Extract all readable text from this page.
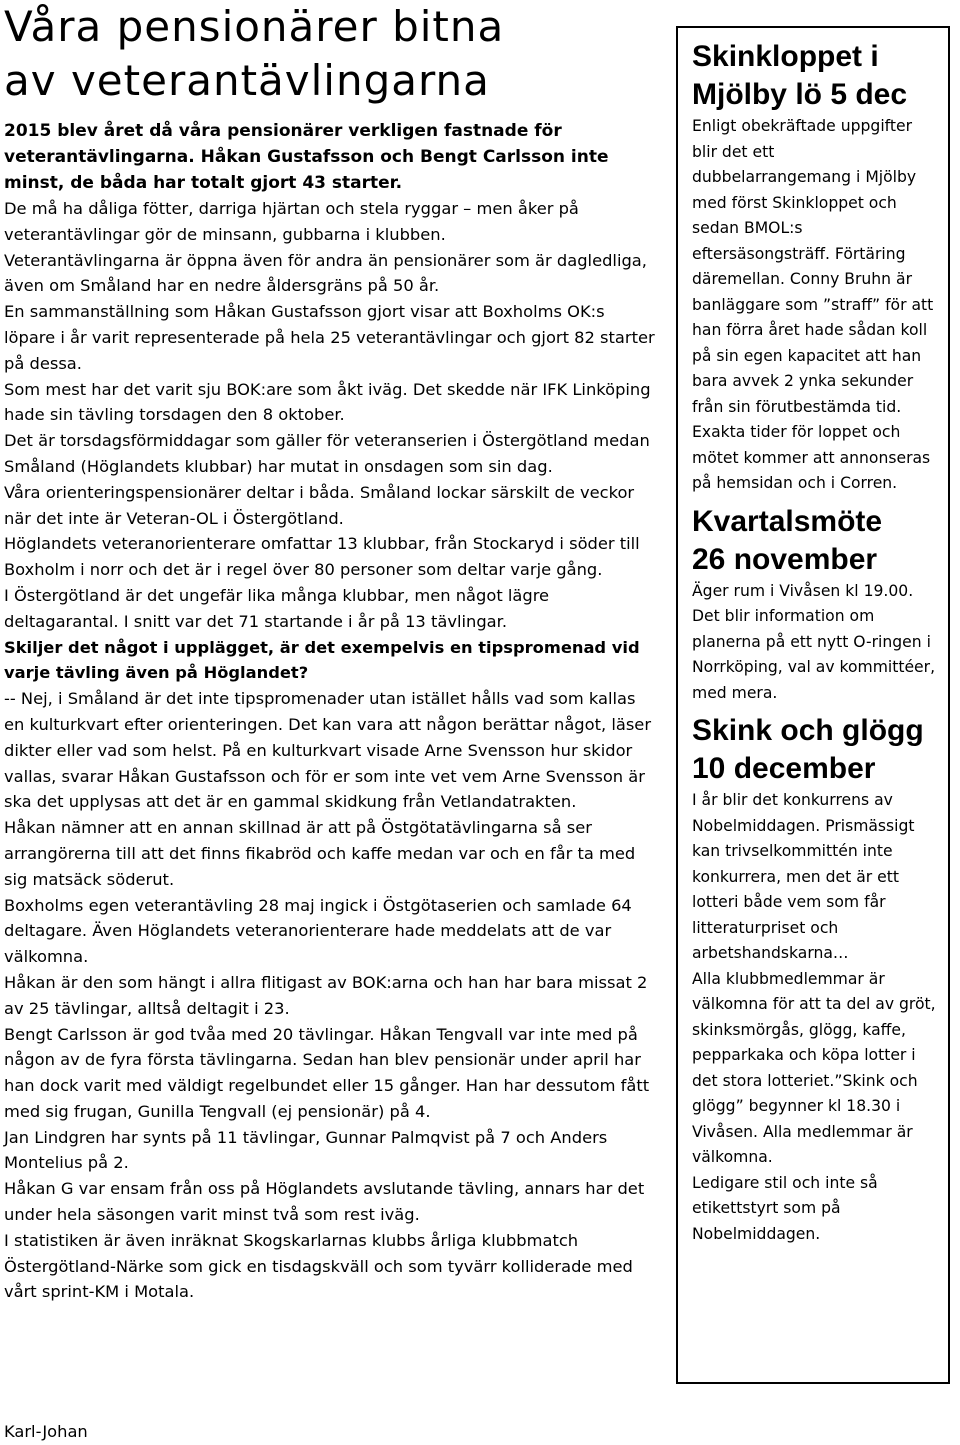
Våra pensionärer bitna
av veterantävlingarna

2015 blev året då våra pensionärer verkligen fastnade för veterantävlingarna. Håkan Gustafsson och Bengt Carlsson inte minst, de båda har totalt gjort 43 starter.

De må ha dåliga fötter, darriga hjärtan och stela ryggar – men åker på veterantävlingar gör de minsann, gubbarna i klubben.

Veterantävlingarna är öppna även för andra än pensionärer som är dagledliga, även om Småland har en nedre åldersgräns på 50 år.

En sammanställning som Håkan Gustafsson gjort visar att Boxholms OK:s löpare i år varit representerade på hela 25 veterantävlingar och gjort 82 starter på dessa.

Som mest har det varit sju BOK:are som åkt iväg. Det skedde när IFK Linköping hade sin tävling torsdagen den 8 oktober.

Det är torsdagsförmiddagar som gäller för veteranserien i Östergötland medan Småland (Höglandets klubbar) har mutat in onsdagen som sin dag.

Våra orienteringspensionärer deltar i båda. Småland lockar särskilt de veckor när det inte är Veteran-OL i Östergötland.

Höglandets veteranorienterare omfattar 13 klubbar, från Stockaryd i söder till Boxholm i norr och det är i regel över 80 personer som deltar varje gång.

I Östergötland är det ungefär lika många klubbar, men något lägre deltagarantal. I snitt var det 71 startande i år på 13 tävlingar.

Skiljer det något i upplägget, är det exempelvis en tipspromenad vid varje tävling även på Höglandet?

-- Nej, i Småland är det inte tipspromenader utan istället hålls vad som kallas en kulturkvart efter orienteringen. Det kan vara att någon berättar något, läser dikter eller vad som helst. På en kulturkvart visade Arne Svensson hur skidor vallas, svarar Håkan Gustafsson och för er som inte vet vem Arne Svensson är ska det upplysas att det är en gammal skidkung från Vetlandatrakten.

Håkan nämner att en annan skillnad är att på Östgötatävlingarna så ser arrangörerna till att det finns fikabröd och kaffe medan var och en får ta med sig matsäck söderut.

Boxholms egen veterantävling 28 maj ingick i Östgötaserien och samlade 64 deltagare. Även Höglandets veteranorienterare hade meddelats att de var välkomna.

Håkan är den som hängt i allra flitigast av BOK:arna och han har bara missat 2 av 25 tävlingar, alltså deltagit i 23.

Bengt Carlsson är god tvåa med 20 tävlingar. Håkan Tengvall var inte med på någon av de fyra första tävlingarna. Sedan han blev pensionär under april har han dock varit med väldigt regelbundet eller 15 gånger. Han har dessutom fått med sig frugan, Gunilla Tengvall (ej pensionär) på 4.

Jan Lindgren har synts på 11 tävlingar, Gunnar Palmqvist på 7 och Anders Montelius på 2.

Håkan G var ensam från oss på Höglandets avslutande tävling, annars har det under hela säsongen varit minst två som rest iväg.

I statistiken är även inräknat Skogskarlarnas klubbs årliga klubbmatch Östergötland-Närke som gick en tisdagskväll och som tyvärr kolliderade med vårt sprint-KM i Motala.

Karl-Johan
Skinkloppet i Mjölby lö 5 dec

Enligt obekräftade uppgifter blir det ett dubbelarrangemang i Mjölby med först Skinkloppet och sedan BMOL:s eftersäsongsträff. Förtäring däremellan. Conny Bruhn är banläggare som ”straff” för att han förra året hade sådan koll på sin egen kapacitet att han bara avvek 2 ynka sekunder från sin förutbestämda tid. Exakta tider för loppet och mötet kommer att annonseras på hemsidan och i Corren.

Kvartalsmöte
26 november

Äger rum i Vivåsen kl 19.00. Det blir information om planerna på ett nytt O-ringen i Norrköping, val av kommittéer, med mera.

Skink och glögg
10 december

I år blir det konkurrens av Nobelmiddagen. Prismässigt kan trivselkommittén inte konkurrera, men det är ett lotteri både vem som får litteraturpriset och arbetshandskarna…

Alla klubbmedlemmar är välkomna för att ta del av gröt, skinksmörgås, glögg, kaffe, pepparkaka och köpa lotter i det stora lotteriet.”Skink och glögg” begynner kl 18.30 i Vivåsen. Alla medlemmar är välkomna.

Ledigare stil och inte så etikettstyrt som på Nobelmiddagen.
